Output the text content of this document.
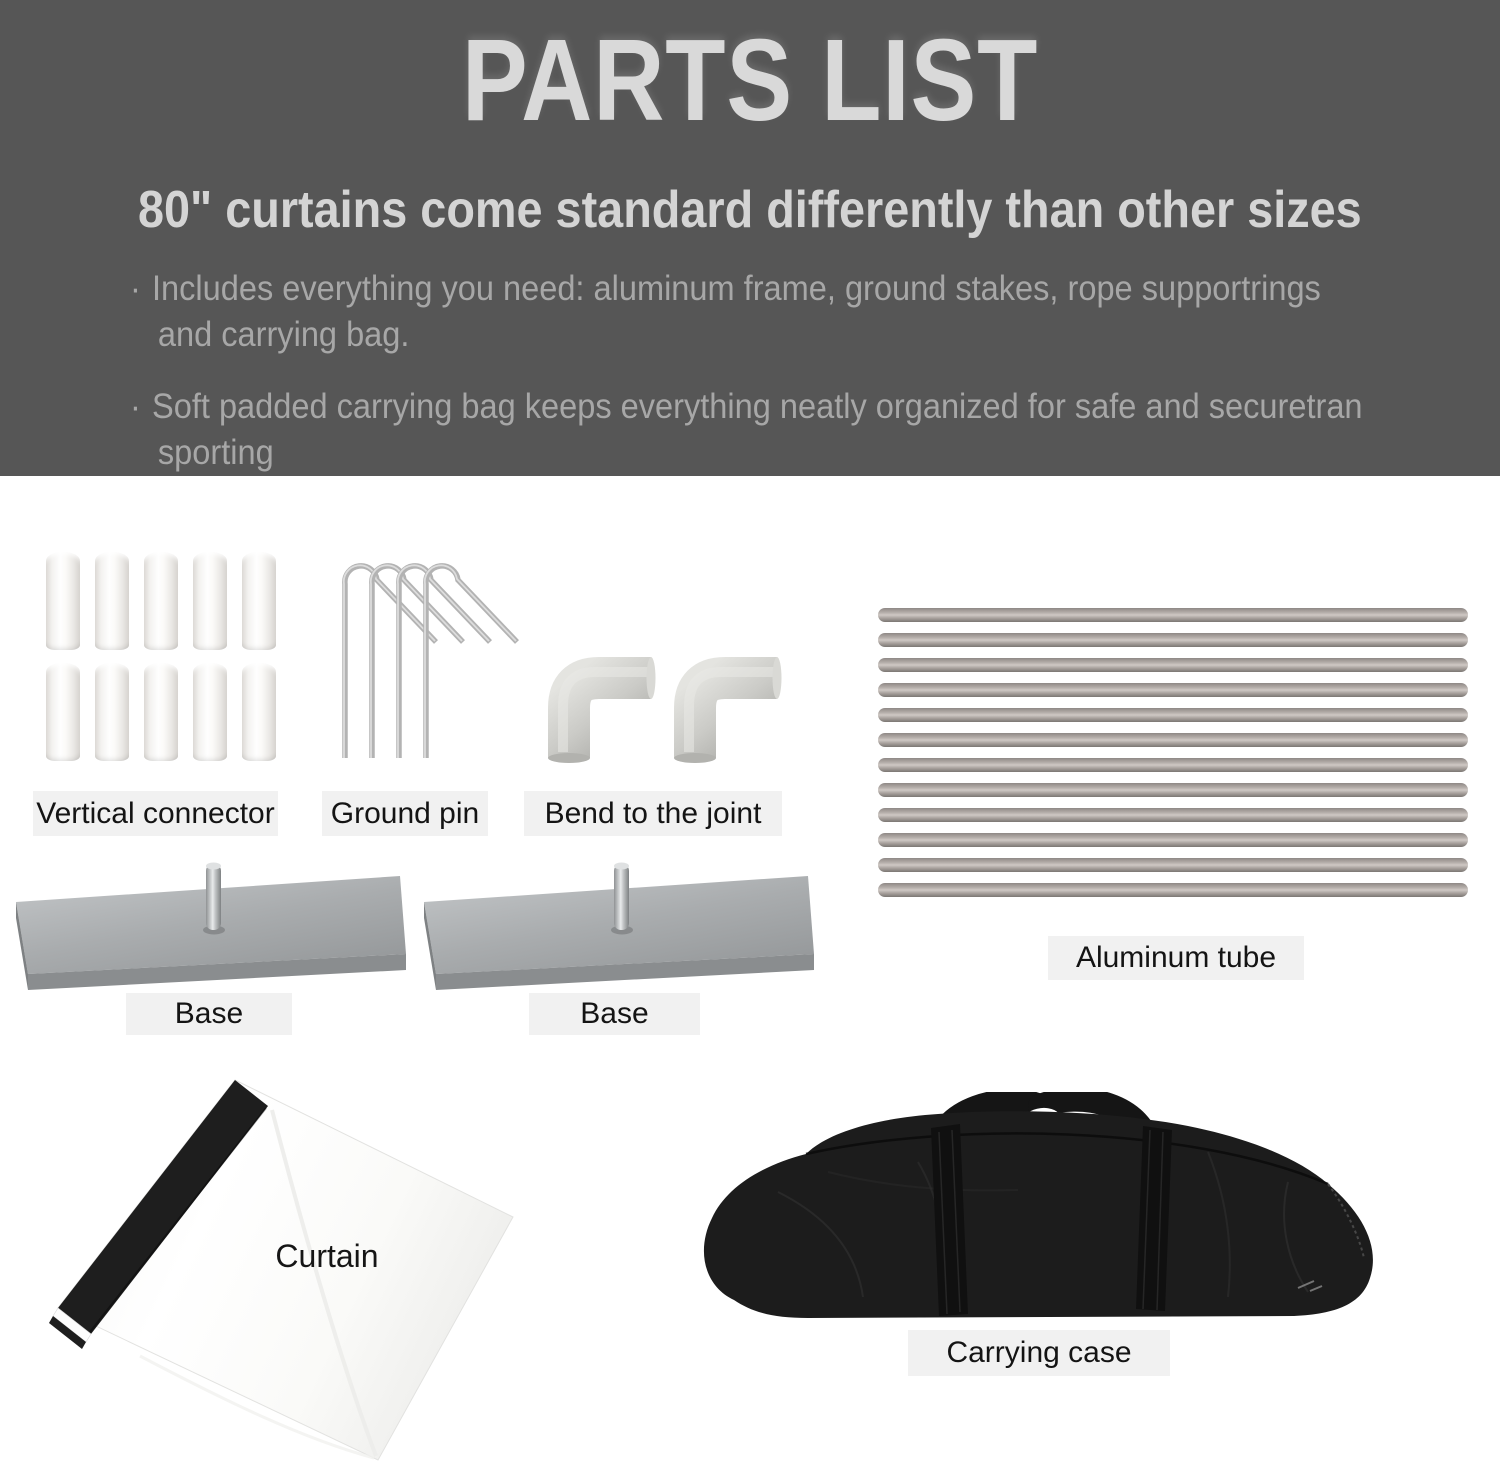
PARTS LIST
80" curtains come standard differently than other sizes
· Includes everything you need: aluminum frame, ground stakes, rope supportrings
and carrying bag.
· Soft padded carrying bag keeps everything neatly organized for safe and securetran
sporting
Curtain
Vertical connector Ground pin	Bend to the joint
Aluminum tube
Base	Base
Carrying case
